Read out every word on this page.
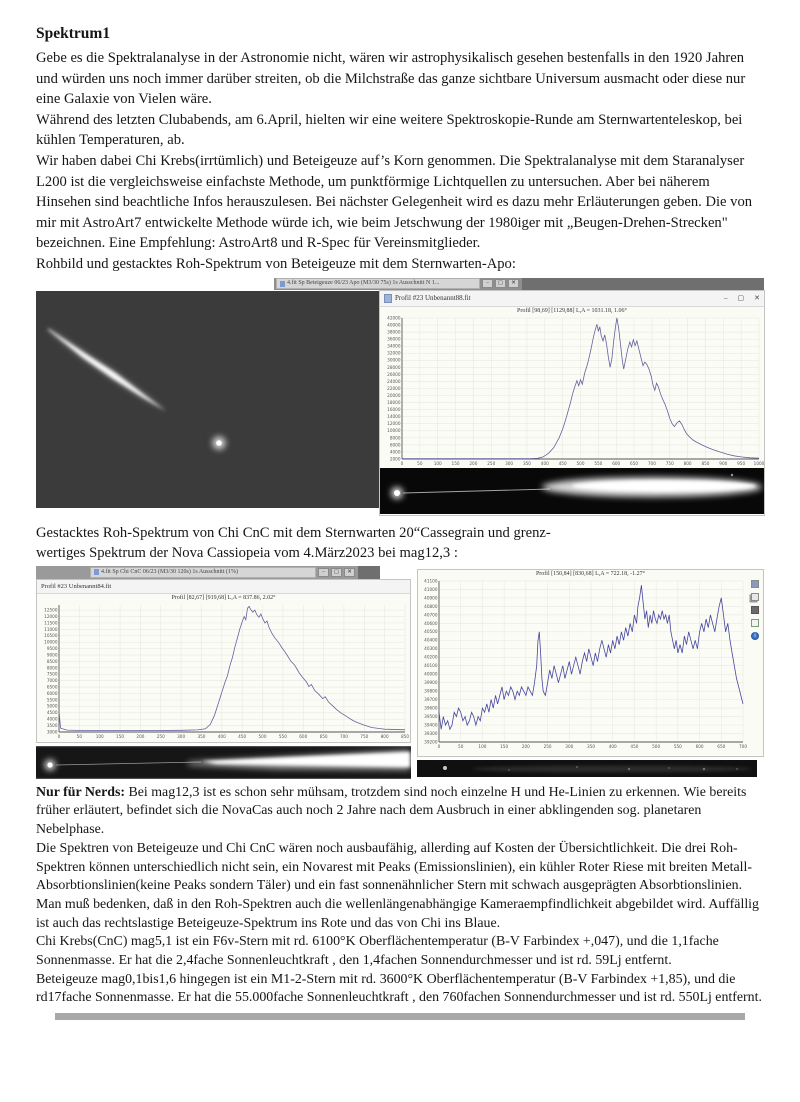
Spektrum1

Gebe es die Spektralanalyse in der Astronomie nicht, wären wir astrophysikalisch gesehen bestenfalls in den 1920 Jahren und würden uns noch immer darüber streiten, ob die Milchstraße das ganze sichtbare Universum ausmacht oder diese nur eine Galaxie von Vielen wäre.

Während des letzten Clubabends, am 6.April, hielten wir eine weitere Spektroskopie-Runde am Sternwartenteleskop, bei kühlen Temperaturen, ab.

Wir haben dabei Chi Krebs(irrtümlich) und Beteigeuze auf’s Korn genommen. Die Spektralanalyse mit dem Staranalyser L200 ist die vergleichsweise einfachste Methode, um punktförmige Lichtquellen zu untersuchen. Aber bei näherem Hinsehen sind beachtliche Infos herauszulesen. Bei nächster Gelegenheit wird es dazu mehr Erläuterungen geben. Die von mir mit AstroArt7 entwickelte Methode würde ich, wie beim Jetschwung der 1980iger mit „Beugen-Drehen-Strecken" bezeichnen. Eine Empfehlung: AstroArt8 und R-Spec für Vereinsmitglieder.

Rohbild und gestacktes Roh-Spektrum von Beteigeuze mit dem Sternwarten-Apo:

4.fit Sp Beteigeuze 06/23 Apo (M3/30 75s) 1s Ausschnitt N 1...	–	▢	✕
Profil #23 Unbenannt88.fit	– ▢ ✕
Profil [98,69] [1129,88] L,A = 1031.18, 1.06°
0	50	100 150 200 250 300 350 400 450 500 550 600 650 700 750 800 850 900 950 1000
2000
4000
6000
8000
10000
12000
14000
16000
18000
20000
22000
24000
26000
28000
30000
32000
34000
36000
38000
40000
42000

Gestacktes Roh-Spektrum von Chi CnC mit dem Sternwarten 20“Cassegrain und grenz-

wertiges Spektrum der Nova Cassiopeia vom 4.März2023 bei mag12,3 :

4.fit Sp Chi CnC 06/23 (M3/30 120s) 1s Ausschnitt (1%)	–	▢	✕
Profil #23 Unbenannt84.fit
Profil [82,67] [919,68] L,A = 837.86, 2.02°
0	50	100	150	200	250	300	350	400	450	500	550	600	650	700	750	800	850
3000
3500
4000
4500
5000
5500
6000
6500
7000
7500
8000
8500
9000
9500
10000
10500
11000
11500
12000
12500
Profil [150,84] [830,68] L,A = 722.18, -1.27°
0	50	100	150	200	250	300	350	400	450	500	550	600	650	700
39200
39300
39400
39500
39600
39700
39800
39900
40000
40100
40200
40300
40400
40500
40600
40700
40800
40900
41000
41100
i

Nur für Nerds: Bei mag12,3 ist es schon sehr mühsam, trotzdem sind noch einzelne H und He-Linien zu erkennen. Wie bereits früher erläutert, befindet sich die NovaCas auch noch 2 Jahre nach dem Ausbruch in einer abklingenden sog. planetaren Nebelphase.

Die Spektren von Beteigeuze und Chi CnC wären noch ausbaufähig, allerding auf Kosten der Übersichtlichkeit. Die drei Roh-Spektren können unterschiedlich nicht sein, ein Novarest mit Peaks (Emissionslinien), ein kühler Roter Riese mit breiten Metall-Absorbtionslinien(keine Peaks sondern Täler) und ein fast sonnenähnlicher Stern mit schwach ausgeprägten Absorbtionslinien. Man muß bedenken, daß in den Roh-Spektren auch die wellenlängenabhängige Kameraempfindlichkeit abgebildet wird. Auffällig ist auch das rechtslastige Beteigeuze-Spektrum ins Rote und das von Chi ins Blaue.

Chi Krebs(CnC) mag5,1 ist ein F6v-Stern mit rd. 6100°K Oberflächentemperatur (B-V Farbindex +,047), und die 1,1fache Sonnenmasse. Er hat die 2,4fache Sonnenleuchtkraft , den 1,4fachen Sonnendurchmesser und ist rd. 59Lj entfernt.

Beteigeuze mag0,1bis1,6 hingegen ist ein M1-2-Stern mit rd. 3600°K Oberflächentemperatur (B-V Farbindex +1,85), und die rd17fache Sonnenmasse. Er hat die 55.000fache Sonnenleuchtkraft , den 760fachen Sonnendurchmesser und ist rd. 550Lj entfernt.
